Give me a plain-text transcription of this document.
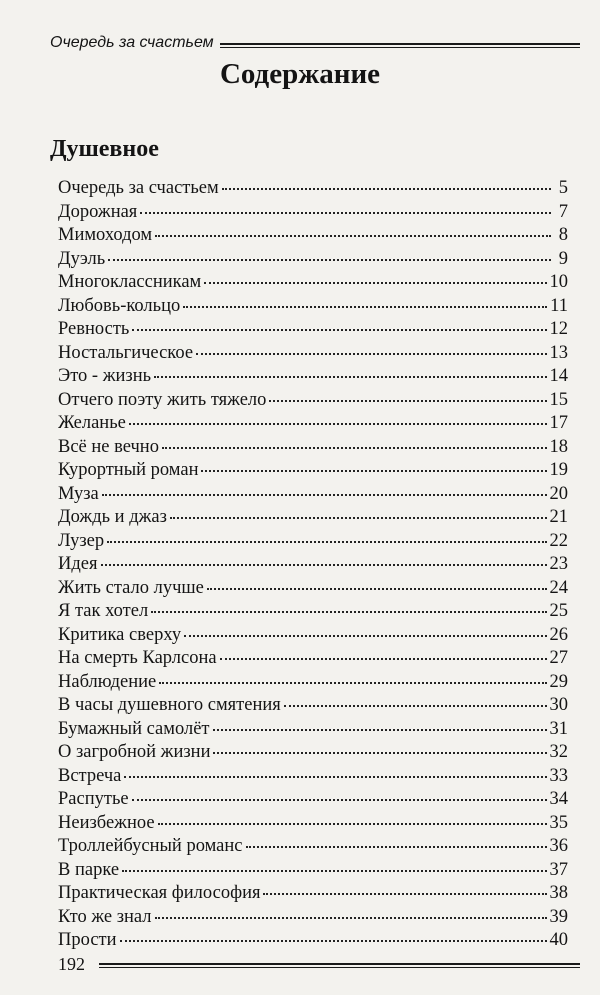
Очередь за счастьем
Содержание
Душевное
Очередь за счастьем	5
Дорожная	7
Мимоходом	8
Дуэль	9
Многоклассникам	10
Любовь-кольцо	11
Ревность	12
Ностальгическое	13
Это - жизнь	14
Отчего поэту жить тяжело	15
Желанье	17
Всё не вечно	18
Курортный роман	19
Муза	20
Дождь и джаз	21
Лузер	22
Идея	23
Жить стало лучше	24
Я так хотел	25
Критика сверху	26
На смерть Карлсона	27
Наблюдение	29
В часы душевного смятения	30
Бумажный самолёт	31
О загробной жизни	32
Встреча	33
Распутье	34
Неизбежное	35
Троллейбусный романс	36
В парке	37
Практическая философия	38
Кто же знал	39
Прости	40
192
